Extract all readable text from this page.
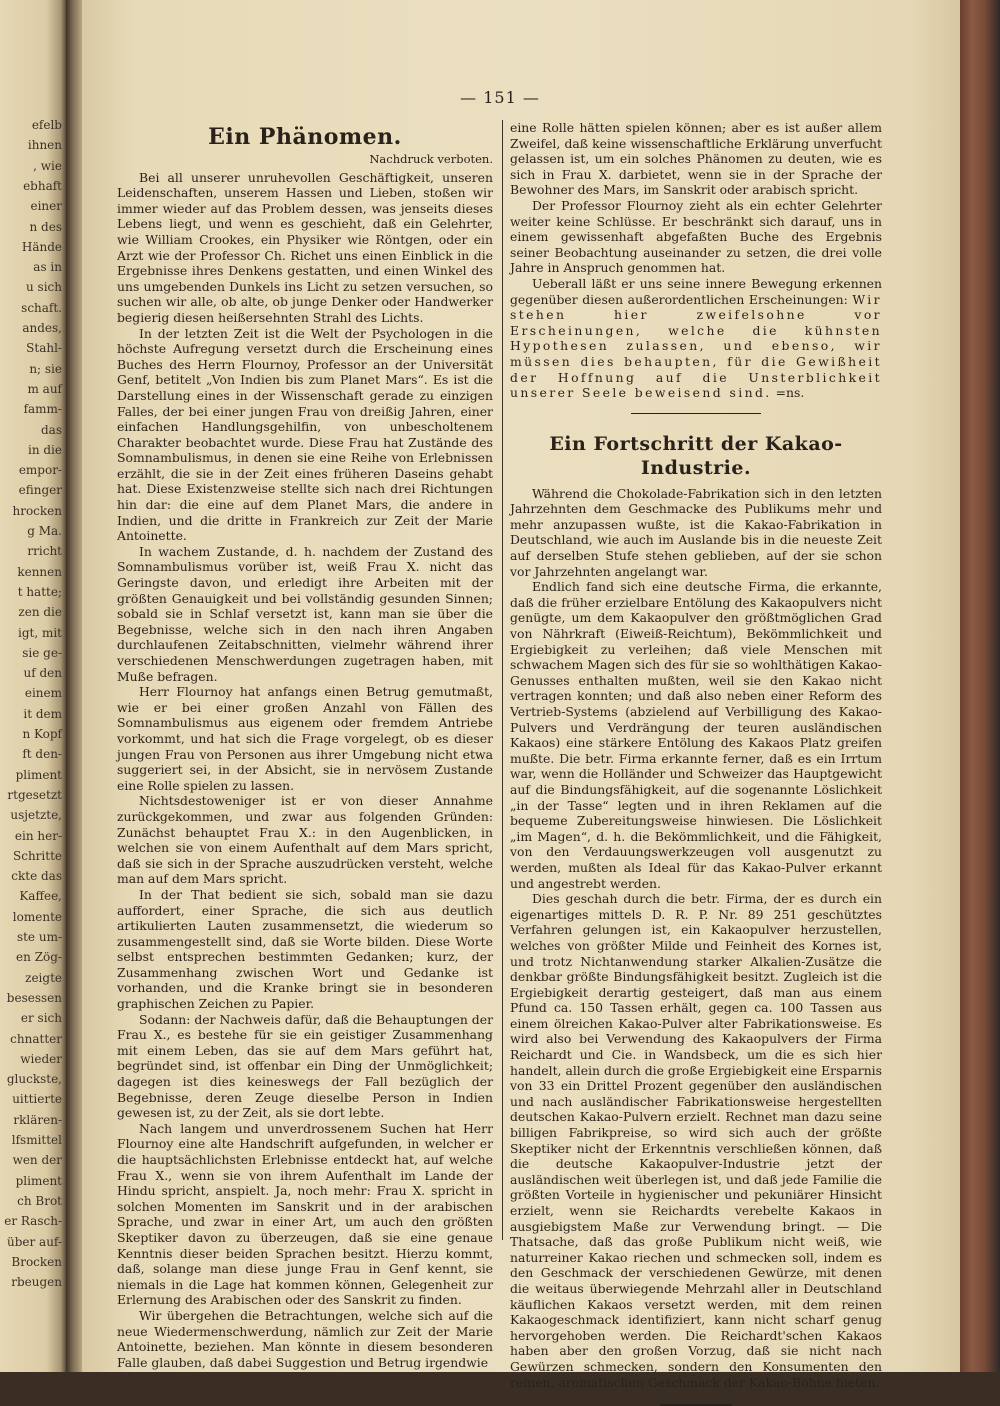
efelb
ihnen
, wie
ebhaft
einer
n des
Hände
as in
u sich
schaft.
andes,
Stahl-
n; sie
m auf
famm-
das
in die
empor-
efinger
hrocken
g Ma.
rricht
kennen
t hatte;
zen die
igt, mit
sie ge-
uf den
einem
it dem
n Kopf
ft den-
pliment
rtgesetzt
usjetzte,
ein her-
Schritte
ckte das
Kaffee,
lomente
ste um-
en Zög-
zeigte
besessen
er sich
chnatter
wieder
gluckste,
uittierte
rklären-
lfsmittel
wen der
pliment
ch Brot
er Rasch-
über auf-
Brocken
rbeugen
— 151 —
Ein Phänomen.
Nachdruck verboten.

Bei all unserer unruhevollen Geschäftigkeit, unseren Leidenschaften, unserem Hassen und Lieben, stoßen wir immer wieder auf das Problem dessen, was jenseits dieses Lebens liegt, und wenn es geschieht, daß ein Gelehrter, wie William Crookes, ein Physiker wie Röntgen, oder ein Arzt wie der Professor Ch. Richet uns einen Einblick in die Ergebnisse ihres Denkens gestatten, und einen Winkel des uns umgebenden Dunkels ins Licht zu setzen versuchen, so suchen wir alle, ob alte, ob junge Denker oder Handwerker begierig diesen heißersehnten Strahl des Lichts.

In der letzten Zeit ist die Welt der Psychologen in die höchste Aufregung versetzt durch die Erscheinung eines Buches des Herrn Flournoy, Professor an der Universität Genf, betitelt „Von Indien bis zum Planet Mars“. Es ist die Darstellung eines in der Wissenschaft gerade zu einzigen Falles, der bei einer jungen Frau von dreißig Jahren, einer einfachen Handlungsgehilfin, von unbescholtenem Charakter beobachtet wurde. Diese Frau hat Zustände des Somnambulismus, in denen sie eine Reihe von Erlebnissen erzählt, die sie in der Zeit eines früheren Daseins gehabt hat. Diese Existenzweise stellte sich nach drei Richtungen hin dar: die eine auf dem Planet Mars, die andere in Indien, und die dritte in Frankreich zur Zeit der Marie Antoinette.

In wachem Zustande, d. h. nachdem der Zustand des Somnambulismus vorüber ist, weiß Frau X. nicht das Geringste davon, und erledigt ihre Arbeiten mit der größten Genauigkeit und bei vollständig gesunden Sinnen; sobald sie in Schlaf versetzt ist, kann man sie über die Begebnisse, welche sich in den nach ihren Angaben durchlaufenen Zeitabschnitten, vielmehr während ihrer verschiedenen Menschwerdungen zugetragen haben, mit Muße befragen.

Herr Flournoy hat anfangs einen Betrug gemutmaßt, wie er bei einer großen Anzahl von Fällen des Somnambulismus aus eigenem oder fremdem Antriebe vorkommt, und hat sich die Frage vorgelegt, ob es dieser jungen Frau von Personen aus ihrer Umgebung nicht etwa suggeriert sei, in der Absicht, sie in nervösem Zustande eine Rolle spielen zu lassen.

Nichtsdestoweniger ist er von dieser Annahme zurückgekommen, und zwar aus folgenden Gründen: Zunächst behauptet Frau X.: in den Augenblicken, in welchen sie von einem Aufenthalt auf dem Mars spricht, daß sie sich in der Sprache auszudrücken versteht, welche man auf dem Mars spricht.

In der That bedient sie sich, sobald man sie dazu auffordert, einer Sprache, die sich aus deutlich artikulierten Lauten zusammensetzt, die wiederum so zusammengestellt sind, daß sie Worte bilden. Diese Worte selbst entsprechen bestimmten Gedanken; kurz, der Zusammenhang zwischen Wort und Gedanke ist vorhanden, und die Kranke bringt sie in besonderen graphischen Zeichen zu Papier.

Sodann: der Nachweis dafür, daß die Behauptungen der Frau X., es bestehe für sie ein geistiger Zusammenhang mit einem Leben, das sie auf dem Mars geführt hat, begründet sind, ist offenbar ein Ding der Unmöglichkeit; dagegen ist dies keineswegs der Fall bezüglich der Begebnisse, deren Zeuge dieselbe Person in Indien gewesen ist, zu der Zeit, als sie dort lebte.

Nach langem und unverdrossenem Suchen hat Herr Flournoy eine alte Handschrift aufgefunden, in welcher er die hauptsächlichsten Erlebnisse entdeckt hat, auf welche Frau X., wenn sie von ihrem Aufenthalt im Lande der Hindu spricht, anspielt. Ja, noch mehr: Frau X. spricht in solchen Momenten im Sanskrit und in der arabischen Sprache, und zwar in einer Art, um auch den größten Skeptiker davon zu überzeugen, daß sie eine genaue Kenntnis dieser beiden Sprachen besitzt. Hierzu kommt, daß, solange man diese junge Frau in Genf kennt, sie niemals in die Lage hat kommen können, Gelegenheit zur Erlernung des Arabischen oder des Sanskrit zu finden.

Wir übergehen die Betrachtungen, welche sich auf die neue Wiedermenschwerdung, nämlich zur Zeit der Marie Antoinette, beziehen. Man könnte in diesem besonderen Falle glauben, daß dabei Suggestion und Betrug irgendwie

eine Rolle hätten spielen können; aber es ist außer allem Zweifel, daß keine wissenschaftliche Erklärung unverfucht gelassen ist, um ein solches Phänomen zu deuten, wie es sich in Frau X. darbietet, wenn sie in der Sprache der Bewohner des Mars, im Sanskrit oder arabisch spricht.

Der Professor Flournoy zieht als ein echter Gelehrter weiter keine Schlüsse. Er beschränkt sich darauf, uns in einem gewissenhaft abgefaßten Buche des Ergebnis seiner Beobachtung auseinander zu setzen, die drei volle Jahre in Anspruch genommen hat.

Ueberall läßt er uns seine innere Bewegung erkennen gegenüber diesen außerordentlichen Erscheinungen: Wir stehen hier zweifelsohne vor Erscheinungen, welche die kühnsten Hypothesen zulassen, und ebenso, wir müssen dies behaupten, für die Gewißheit der Hoffnung auf die Unsterblichkeit unserer Seele beweisend sind. =ns.

Ein Fortschritt der Kakao-Industrie.

Während die Chokolade-Fabrikation sich in den letzten Jahrzehnten dem Geschmacke des Publikums mehr und mehr anzupassen wußte, ist die Kakao-Fabrikation in Deutschland, wie auch im Auslande bis in die neueste Zeit auf derselben Stufe stehen geblieben, auf der sie schon vor Jahrzehnten angelangt war.

Endlich fand sich eine deutsche Firma, die erkannte, daß die früher erzielbare Entölung des Kakaopulvers nicht genügte, um dem Kakaopulver den größtmöglichen Grad von Nährkraft (Eiweiß-Reichtum), Bekömmlichkeit und Ergiebigkeit zu verleihen; daß viele Menschen mit schwachem Magen sich des für sie so wohlthätigen Kakao-Genusses enthalten mußten, weil sie den Kakao nicht vertragen konnten; und daß also neben einer Reform des Vertrieb-Systems (abzielend auf Verbilligung des Kakao-Pulvers und Verdrängung der teuren ausländischen Kakaos) eine stärkere Entölung des Kakaos Platz greifen mußte. Die betr. Firma erkannte ferner, daß es ein Irrtum war, wenn die Holländer und Schweizer das Hauptgewicht auf die Bindungsfähigkeit, auf die sogenannte Löslichkeit „in der Tasse“ legten und in ihren Reklamen auf die bequeme Zubereitungsweise hinwiesen. Die Löslichkeit „im Magen“, d. h. die Bekömmlichkeit, und die Fähigkeit, von den Verdauungswerkzeugen voll ausgenutzt zu werden, mußten als Ideal für das Kakao-Pulver erkannt und angestrebt werden.

Dies geschah durch die betr. Firma, der es durch ein eigenartiges mittels D. R. P. Nr. 89 251 geschütztes Verfahren gelungen ist, ein Kakaopulver herzustellen, welches von größter Milde und Feinheit des Kornes ist, und trotz Nichtanwendung starker Alkalien-Zusätze die denkbar größte Bindungsfähigkeit besitzt. Zugleich ist die Ergiebigkeit derartig gesteigert, daß man aus einem Pfund ca. 150 Tassen erhält, gegen ca. 100 Tassen aus einem ölreichen Kakao-Pulver alter Fabrikationsweise. Es wird also bei Verwendung des Kakaopulvers der Firma Reichardt und Cie. in Wandsbeck, um die es sich hier handelt, allein durch die große Ergiebigkeit eine Ersparnis von 33 ein Drittel Prozent gegenüber den ausländischen und nach ausländischer Fabrikationsweise hergestellten deutschen Kakao-Pulvern erzielt. Rechnet man dazu seine billigen Fabrikpreise, so wird sich auch der größte Skeptiker nicht der Erkenntnis verschließen können, daß die deutsche Kakaopulver-Industrie jetzt der ausländischen weit überlegen ist, und daß jede Familie die größten Vorteile in hygienischer und pekuniärer Hinsicht erzielt, wenn sie Reichardts verebelte Kakaos in ausgiebigstem Maße zur Verwendung bringt. — Die Thatsache, daß das große Publikum nicht weiß, wie naturreiner Kakao riechen und schmecken soll, indem es den Geschmack der verschiedenen Gewürze, mit denen die weitaus überwiegende Mehrzahl aller in Deutschland käuflichen Kakaos versetzt werden, mit dem reinen Kakaogeschmack identifiziert, kann nicht scharf genug hervorgehoben werden. Die Reichardt'schen Kakaos haben aber den großen Vorzug, daß sie nicht nach Gewürzen schmecken, sondern den Konsumenten den reinen, aromatischen Geschmack der Kakao-Bohne bieten.
